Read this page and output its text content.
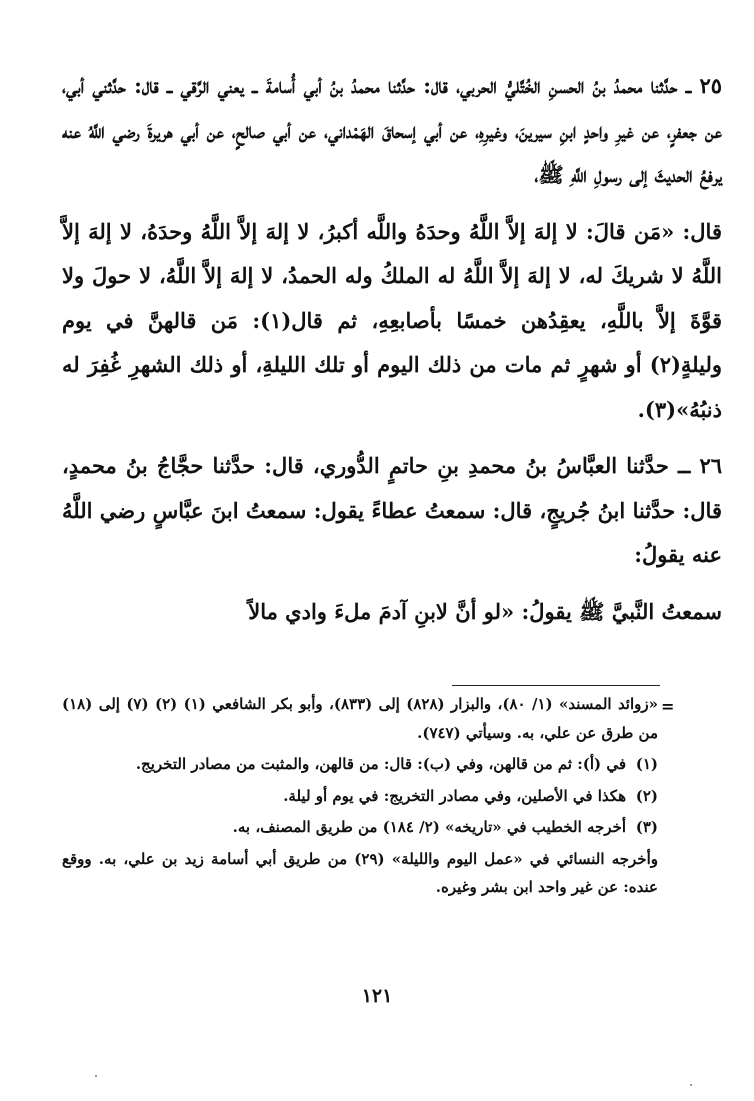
٢٥ ــ حدَّثنا محمدُ بنُ الحسنِ الخُتَّليُّ الحربي، قال: حدَّثنا محمدُ بنُ أبي أُسامةَ ــ يعني الرَّقي ــ قال: حدَّثني أبي، عن جعفرٍ، عن غيرِ واحدٍ ابنِ سيرينَ، وغيرِهِ، عن أبي إسحاقَ الهَمْداني، عن أبي صالحٍ، عن أبي هريرةَ رضي اللَّهُ عنه يرفعُ الحديثَ إلى رسولِ اللَّهِ ﷺ،

قال: «مَن قالَ: لا إلهَ إلاَّ اللَّهُ وحدَهُ واللَّه أكبرُ، لا إلهَ إلاَّ اللَّهُ وحدَهُ، لا إلهَ إلاَّ اللَّهُ لا شريكَ له، لا إلهَ إلاَّ اللَّهُ له الملكُ وله الحمدُ، لا إلهَ إلاَّ اللَّهُ، لا حولَ ولا قوَّةَ إلاَّ باللَّهِ، يعقِدُهن خمسًا بأصابعِهِ، ثم قال(١): مَن قالهنَّ في يوم وليلةٍ(٢) أو شهرٍ ثم مات من ذلك اليوم أو تلك الليلةِ، أو ذلك الشهرِ غُفِرَ له ذنبُهُ»(٣).

٢٦ ــ حدَّثنا العبَّاسُ بنُ محمدِ بنِ حاتمٍ الدُّوري، قال: حدَّثنا حجَّاجُ بنُ محمدٍ، قال: حدَّثنا ابنُ جُريجٍ، قال: سمعتُ عطاءً يقول: سمعتُ ابنَ عبَّاسٍ رضي اللَّهُ عنه يقولُ:

سمعتُ النَّبيَّ ﷺ يقولُ: «لو أنَّ لابنِ آدمَ ملءَ وادي مالاً

=
«زوائد المسند» (١/ ٨٠)، والبزار (٨٢٨) إلى (٨٣٣)، وأبو بكر الشافعي (١) (٢) (٧) إلى (١٨) من طرق عن علي، به. وسيأتي (٧٤٧).
(١)
في (أ): ثم من قالهن، وفي (ب): قال: من قالهن، والمثبت من مصادر التخريج.
(٢)
هكذا في الأصلين، وفي مصادر التخريج: في يوم أو ليلة.
(٣)
أخرجه الخطيب في «تاريخه» (٢/ ١٨٤) من طريق المصنف، به.
وأخرجه النسائي في «عمل اليوم والليلة» (٢٩) من طريق أبي أسامة زيد بن علي، به. ووقع عنده: عن غير واحد ابن بشر وغيره.
١٢١
